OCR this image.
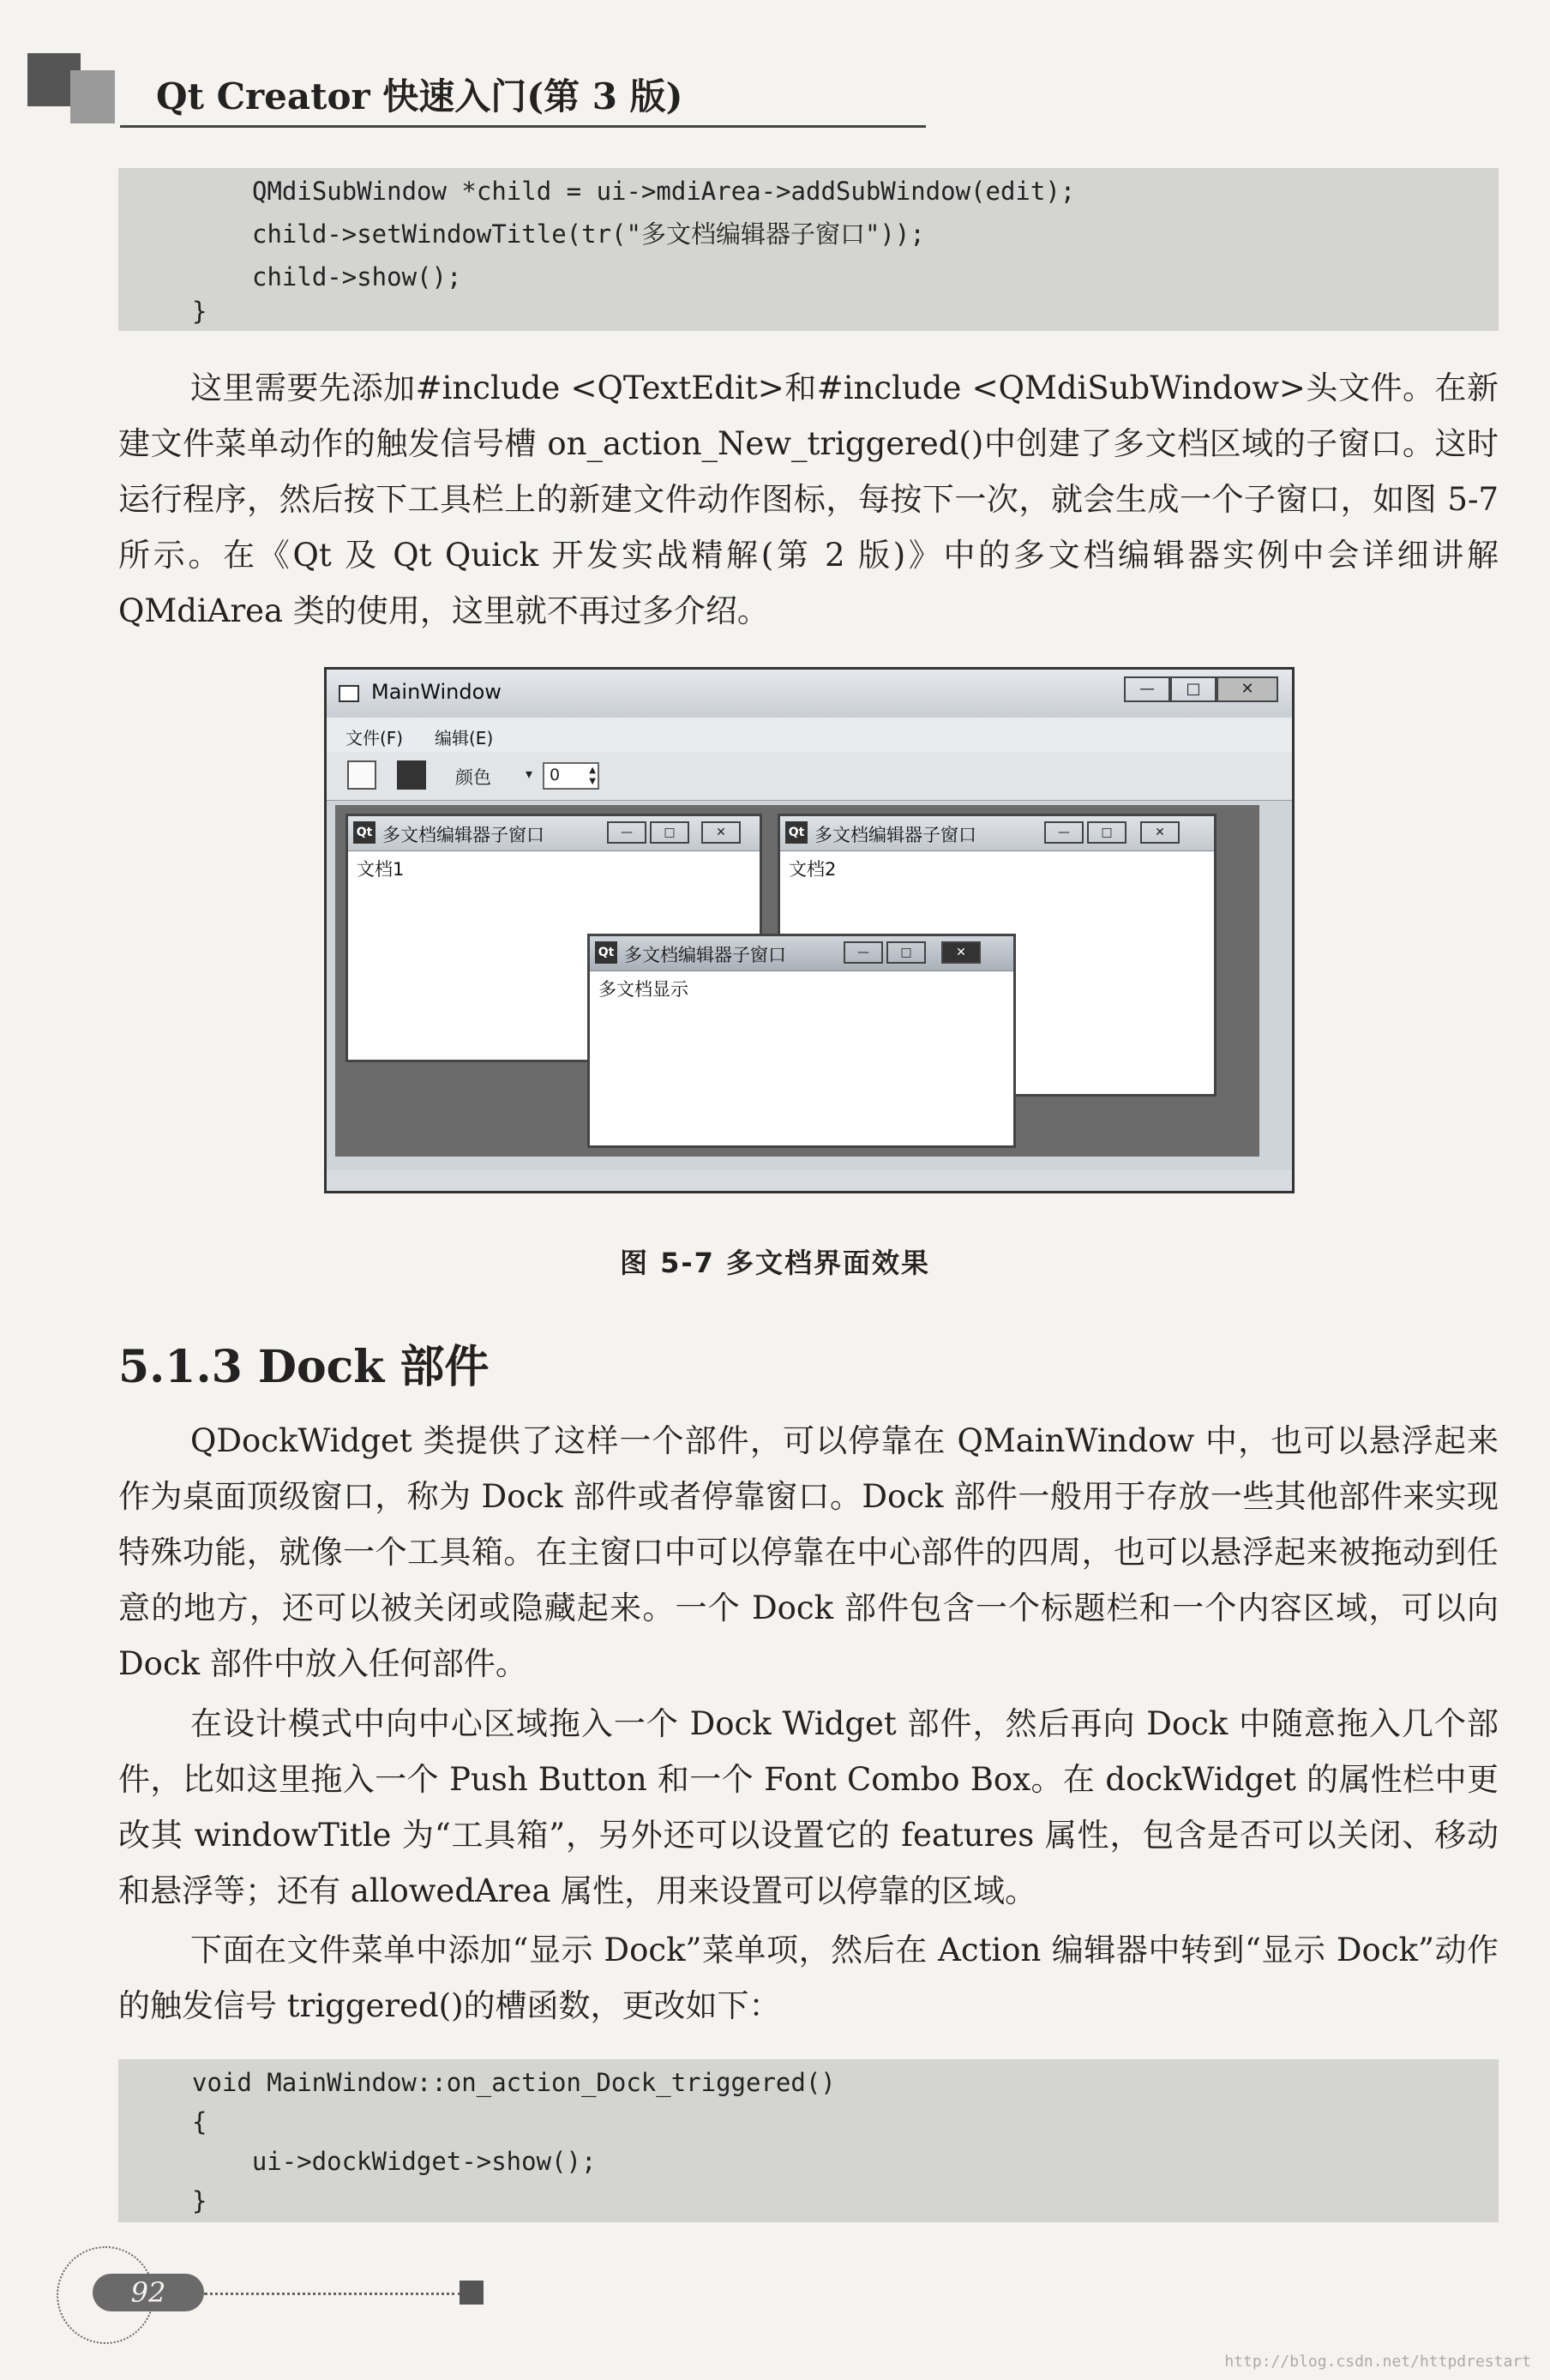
Qt Creator 快速入门(第 3 版)
QMdiSubWindow *child = ui->mdiArea->addSubWindow(edit);
child->setWindowTitle(tr("多文档编辑器子窗口"));
child->show();
}
这里需要先添加#include <QTextEdit>和#include <QMdiSubWindow>头文件。在新建文件菜单动作的触发信号槽 on_action_New_triggered()中创建了多文档区域的子窗口。这时运行程序，然后按下工具栏上的新建文件动作图标，每按下一次，就会生成一个子窗口，如图 5-7 所示。在《Qt 及 Qt Quick 开发实战精解(第 2 版)》中的多文档编辑器实例中会详细讲解 QMdiArea 类的使用，这里就不再过多介绍。
MainWindow	—	□	✕
文件(F) 编辑(E)
颜色	▾ 0	▲
▼
Qt 多文档编辑器子窗口	—	□	✕
文档1
Qt 多文档编辑器子窗口	—	□	✕
文档2
Qt 多文档编辑器子窗口	—	□	✕
多文档显示
图 5-7 多文档界面效果
5.1.3 Dock 部件
QDockWidget 类提供了这样一个部件，可以停靠在 QMainWindow 中，也可以悬浮起来作为桌面顶级窗口，称为 Dock 部件或者停靠窗口。Dock 部件一般用于存放一些其他部件来实现特殊功能，就像一个工具箱。在主窗口中可以停靠在中心部件的四周，也可以悬浮起来被拖动到任意的地方，还可以被关闭或隐藏起来。一个 Dock 部件包含一个标题栏和一个内容区域，可以向 Dock 部件中放入任何部件。
在设计模式中向中心区域拖入一个 Dock Widget 部件，然后再向 Dock 中随意拖入几个部件，比如这里拖入一个 Push Button 和一个 Font Combo Box。在 dockWidget 的属性栏中更改其 windowTitle 为“工具箱”，另外还可以设置它的 features 属性，包含是否可以关闭、移动和悬浮等；还有 allowedArea 属性，用来设置可以停靠的区域。
下面在文件菜单中添加“显示 Dock”菜单项，然后在 Action 编辑器中转到“显示 Dock”动作的触发信号 triggered()的槽函数，更改如下：
void MainWindow::on_action_Dock_triggered()
{
ui->dockWidget->show();
}
92
http://blog.csdn.net/httpdrestart
